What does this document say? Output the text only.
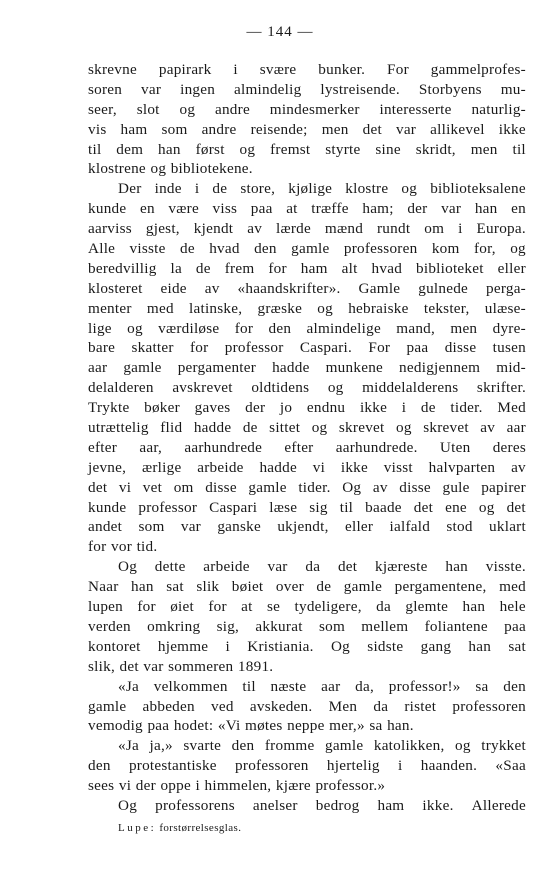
— 144 —
skrevne papirark i svære bunker. For gammelprofes-
soren var ingen almindelig lystreisende. Storbyens mu-
seer, slot og andre mindesmerker interesserte naturlig-
vis ham som andre reisende; men det var allikevel ikke
til dem han først og fremst styrte sine skridt, men til
klostrene og bibliotekene.
Der inde i de store, kjølige klostre og biblioteksalene
kunde en være viss paa at træffe ham; der var han en
aarviss gjest, kjendt av lærde mænd rundt om i Europa.
Alle visste de hvad den gamle professoren kom for, og
beredvillig la de frem for ham alt hvad biblioteket eller
klosteret eide av «haandskrifter». Gamle gulnede perga-
menter med latinske, græske og hebraiske tekster, ulæse-
lige og værdiløse for den almindelige mand, men dyre-
bare skatter for professor Caspari. For paa disse tusen
aar gamle pergamenter hadde munkene nedigjennem mid-
delalderen avskrevet oldtidens og middelalderens skrifter.
Trykte bøker gaves der jo endnu ikke i de tider. Med
utrættelig flid hadde de sittet og skrevet og skrevet av aar
efter aar, aarhundrede efter aarhundrede. Uten deres
jevne, ærlige arbeide hadde vi ikke visst halvparten av
det vi vet om disse gamle tider. Og av disse gule papirer
kunde professor Caspari læse sig til baade det ene og det
andet som var ganske ukjendt, eller ialfald stod uklart
for vor tid.
Og dette arbeide var da det kjæreste han visste.
Naar han sat slik bøiet over de gamle pergamentene, med
lupen for øiet for at se tydeligere, da glemte han hele
verden omkring sig, akkurat som mellem foliantene paa
kontoret hjemme i Kristiania. Og sidste gang han sat
slik, det var sommeren 1891.
«Ja velkommen til næste aar da, professor!» sa den
gamle abbeden ved avskeden. Men da ristet professoren
vemodig paa hodet: «Vi møtes neppe mer,» sa han.
«Ja ja,» svarte den fromme gamle katolikken, og trykket
den protestantiske professoren hjertelig i haanden. «Saa
sees vi der oppe i himmelen, kjære professor.»
Og professorens anelser bedrog ham ikke. Allerede
Lupe: forstørrelsesglas.
